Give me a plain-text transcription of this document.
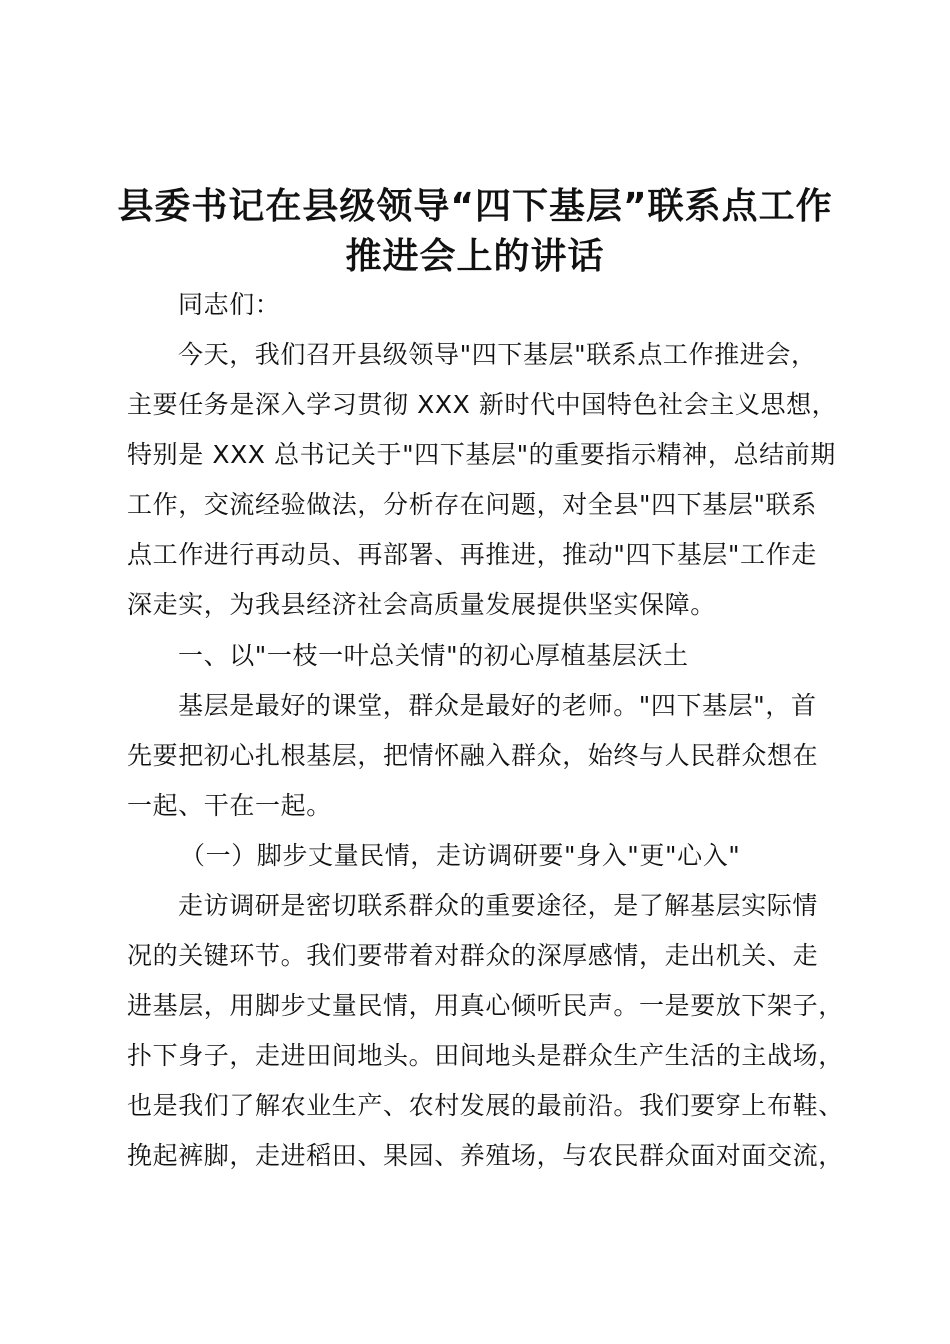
县委书记在县级领导“四下基层”联系点工作
推进会上的讲话
同志们：
今天，我们召开县级领导"四下基层"联系点工作推进会，
主要任务是深入学习贯彻 XXX 新时代中国特色社会主义思想，
特别是 XXX 总书记关于"四下基层"的重要指示精神，总结前期
工作，交流经验做法，分析存在问题，对全县"四下基层"联系
点工作进行再动员、再部署、再推进，推动"四下基层"工作走
深走实，为我县经济社会高质量发展提供坚实保障。
一、以"一枝一叶总关情"的初心厚植基层沃土
基层是最好的课堂，群众是最好的老师。"四下基层"，首
先要把初心扎根基层，把情怀融入群众，始终与人民群众想在
一起、干在一起。
（一）脚步丈量民情，走访调研要"身入"更"心入"
走访调研是密切联系群众的重要途径，是了解基层实际情
况的关键环节。我们要带着对群众的深厚感情，走出机关、走
进基层，用脚步丈量民情，用真心倾听民声。一是要放下架子，
扑下身子，走进田间地头。田间地头是群众生产生活的主战场，
也是我们了解农业生产、农村发展的最前沿。我们要穿上布鞋、
挽起裤脚，走进稻田、果园、养殖场，与农民群众面对面交流，
